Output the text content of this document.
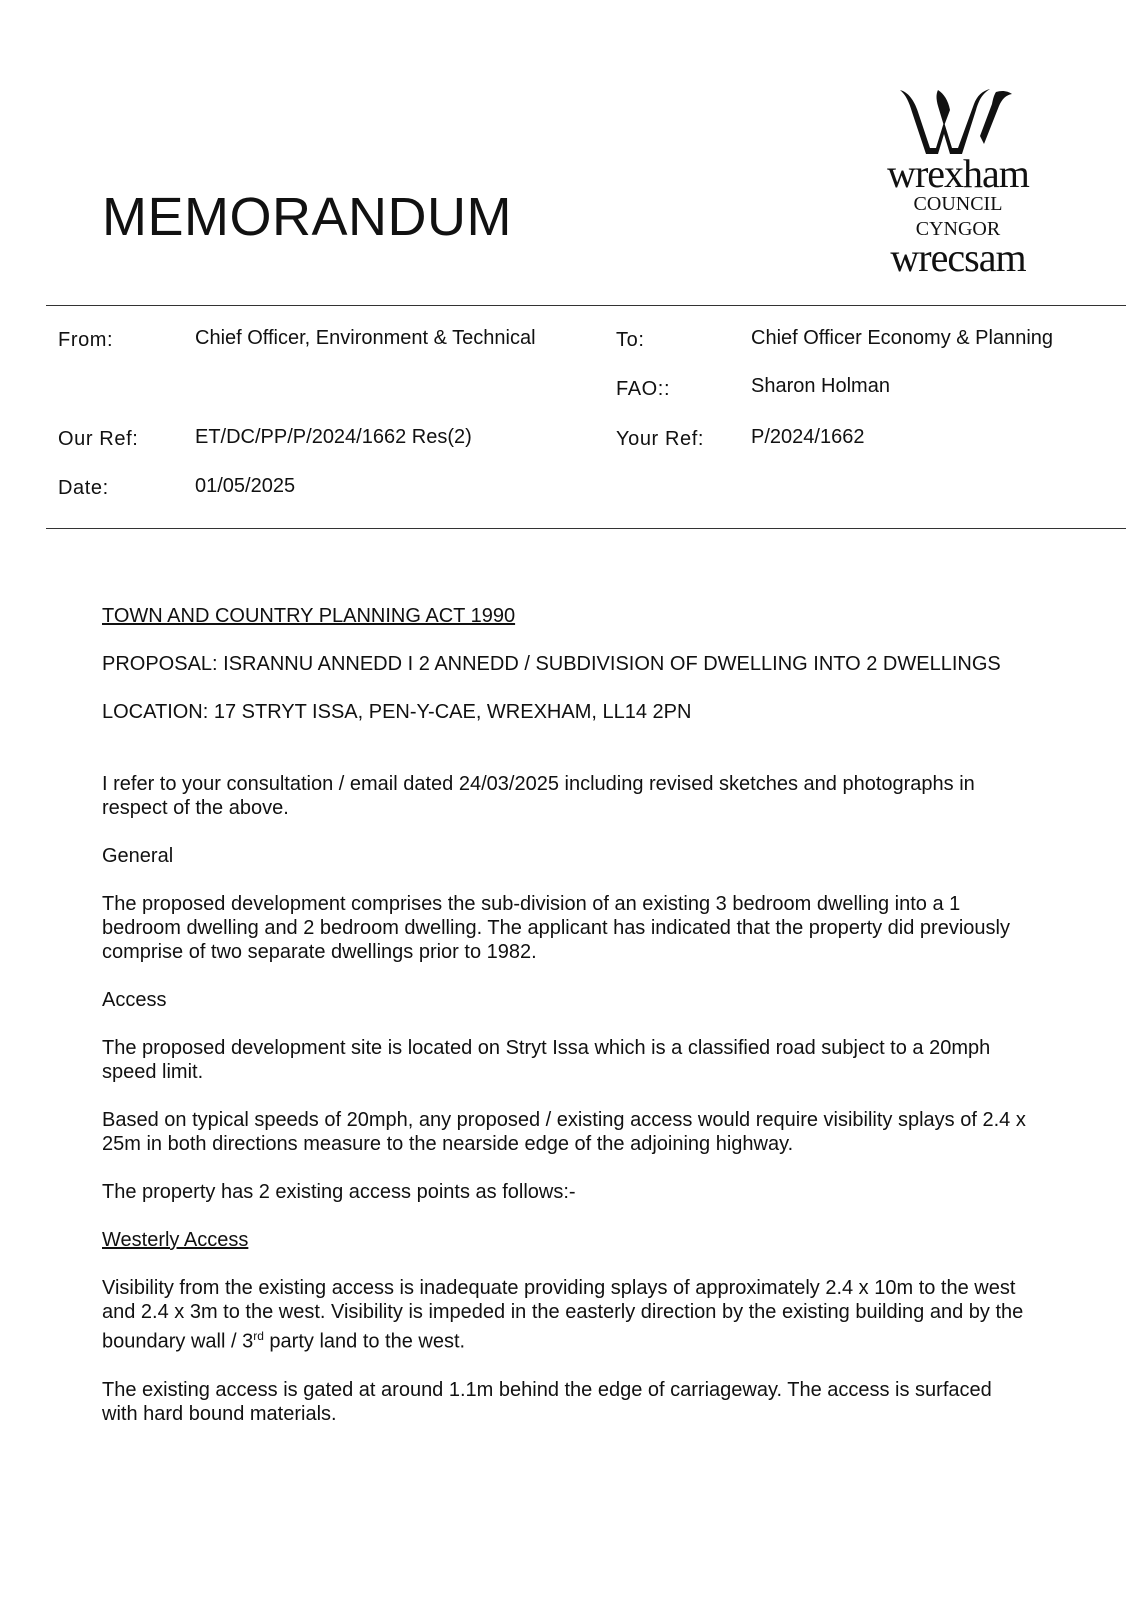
MEMORANDUM
wrexham
COUNCIL
CYNGOR
wrecsam
From:	Chief Officer, Environment & Technical	To:	Chief Officer Economy & Planning
FAO::	Sharon Holman
Our Ref:	ET/DC/PP/P/2024/1662 Res(2)	Your Ref: P/2024/1662
Date:	01/05/2025

TOWN AND COUNTRY PLANNING ACT 1990

PROPOSAL: ISRANNU ANNEDD I 2 ANNEDD / SUBDIVISION OF DWELLING INTO 2 DWELLINGS

LOCATION: 17 STRYT ISSA, PEN-Y-CAE, WREXHAM, LL14 2PN

I refer to your consultation / email dated 24/03/2025 including revised sketches and photographs in respect of the above.

General

The proposed development comprises the sub-division of an existing 3 bedroom dwelling into a 1 bedroom dwelling and 2 bedroom dwelling. The applicant has indicated that the property did previously comprise of two separate dwellings prior to 1982.

Access

The proposed development site is located on Stryt Issa which is a classified road subject to a 20mph speed limit.

Based on typical speeds of 20mph, any proposed / existing access would require visibility splays of 2.4 x 25m in both directions measure to the nearside edge of the adjoining highway.

The property has 2 existing access points as follows:-

Westerly Access

Visibility from the existing access is inadequate providing splays of approximately 2.4 x 10m to the west and 2.4 x 3m to the west. Visibility is impeded in the easterly direction by the existing building and by the boundary wall / 3rd party land to the west.

The existing access is gated at around 1.1m behind the edge of carriageway. The access is surfaced with hard bound materials.
